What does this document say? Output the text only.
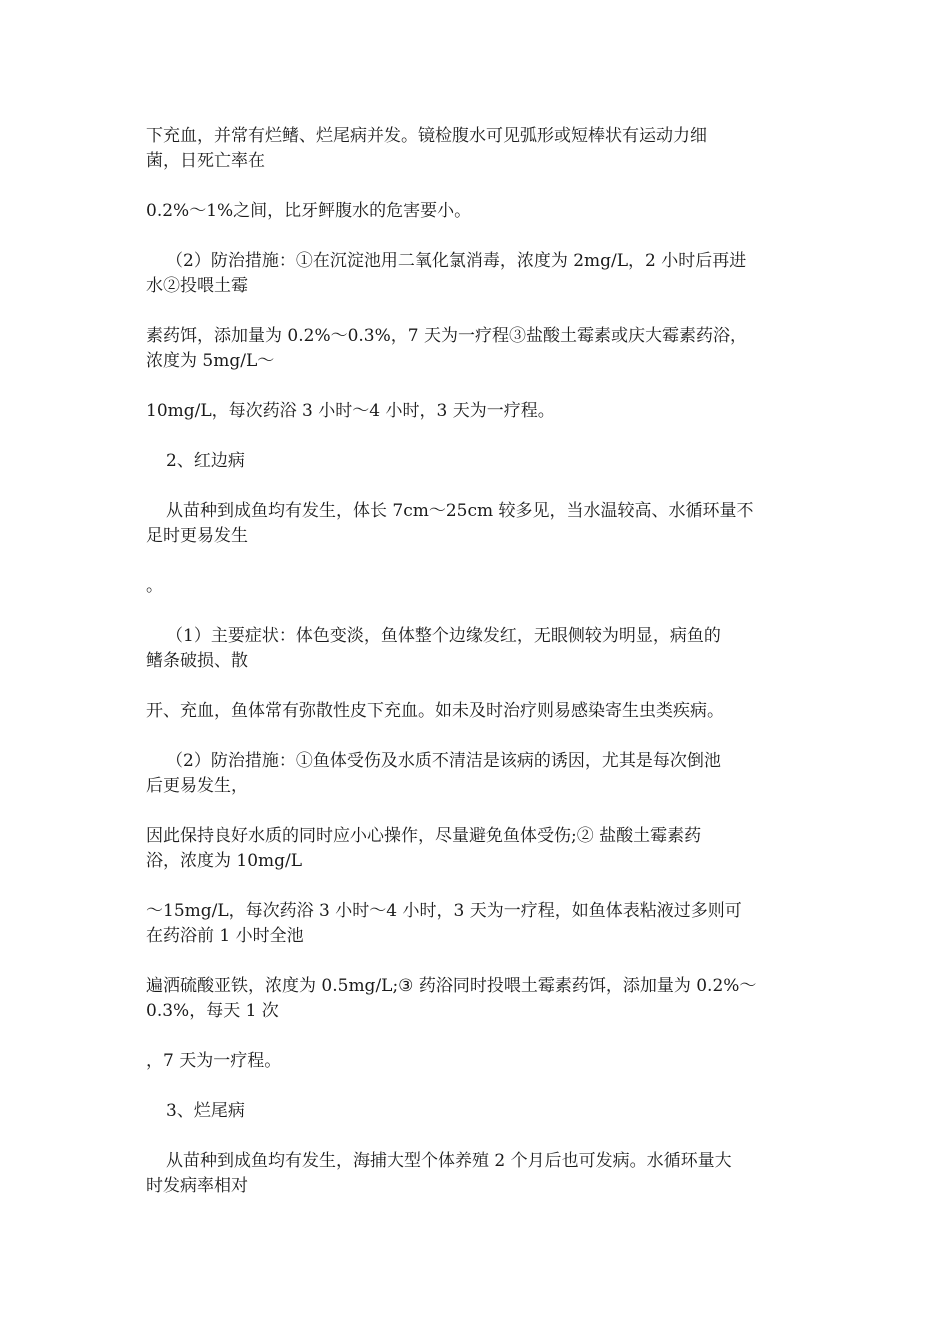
下充血，并常有烂鳍、烂尾病并发。镜检腹水可见弧形或短棒状有运动力细
菌，日死亡率在

0.2%～1%之间，比牙鲆腹水的危害要小。

（2）防治措施：①在沉淀池用二氧化氯消毒，浓度为 2mg/L，2 小时后再进
水②投喂土霉

素药饵，添加量为 0.2%～0.3%，7 天为一疗程③盐酸土霉素或庆大霉素药浴，
浓度为 5mg/L～

10mg/L，每次药浴 3 小时～4 小时，3 天为一疗程。

2、红边病

从苗种到成鱼均有发生，体长 7cm～25cm 较多见，当水温较高、水循环量不
足时更易发生

。

（1）主要症状：体色变淡，鱼体整个边缘发红，无眼侧较为明显，病鱼的
鳍条破损、散

开、充血，鱼体常有弥散性皮下充血。如未及时治疗则易感染寄生虫类疾病。

（2）防治措施：①鱼体受伤及水质不清洁是该病的诱因，尤其是每次倒池
后更易发生，

因此保持良好水质的同时应小心操作，尽量避免鱼体受伤;② 盐酸土霉素药
浴，浓度为 10mg/L

～15mg/L，每次药浴 3 小时～4 小时，3 天为一疗程，如鱼体表粘液过多则可
在药浴前 1 小时全池

遍洒硫酸亚铁，浓度为 0.5mg/L;③ 药浴同时投喂土霉素药饵，添加量为 0.2%～
0.3%，每天 1 次

，7 天为一疗程。

3、烂尾病

从苗种到成鱼均有发生，海捕大型个体养殖 2 个月后也可发病。水循环量大
时发病率相对
